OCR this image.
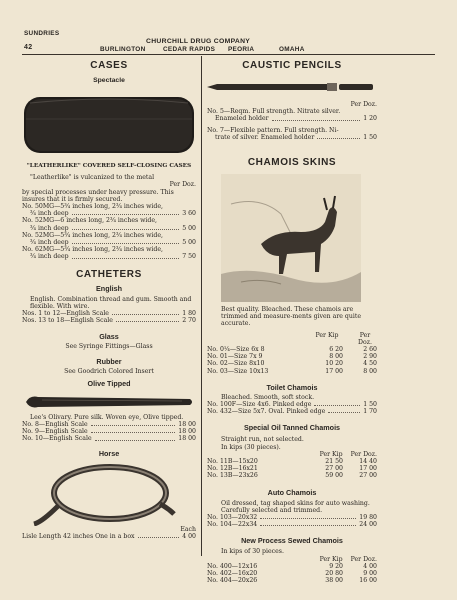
SUNDRIES
42
CHURCHILL DRUG COMPANY
BURLINGTON	CEDAR RAPIDS PEORIA	OMAHA
CASES
Spectacle
"LEATHERLIKE" COVERED SELF-CLOSING CASES
"Leatherlike" is vulcanized to the metal
Per Doz.
by special processes under heavy pressure. This insures that it is firmly secured.
No. 50MG—5¾ inches long, 2¾ inches wide,
¾ inch deep	3 60
No. 52MG—6 inches long, 2¾ inches wide,
¾ inch deep	5 00
No. 52MG—5¾ inches long, 2¾ inches wide,
¾ inch deep	5 00
No. 62MG—5¾ inches long, 2¾ inches wide,
¾ inch deep	7 50
CATHETERS
English
English. Combination thread and gum. Smooth and flexible. With wire.
Nos. 1 to 12—English Scale	1 80
Nos. 13 to 18—English Scale	2 70
Glass
See Syringe Fittings—Glass
Rubber
See Goodrich Colored Insert
Olive Tipped
Lee's Olivary. Pure silk. Woven eye, Olive tipped.
No. 8—English Scale	18 00
No. 9—English Scale	18 00
No. 10—English Scale	18 00
Horse
Each
Lisle Length 42 inches One in a box	4 00
CAUSTIC PENCILS
Per Doz.
No. 5—Reqm. Full strength. Nitrate silver.
Enameled holder	1 20
No. 7—Flexible pattern. Full strength. Ni-
trate of silver. Enameled holder	1 50
CHAMOIS SKINS
Best quality. Bleached. These chamois are trimmed and measure-ments given are quite accurate.
Per Kip	Per Doz.
No. 0¼—Size 6x 8	6 20	2 60
No. 01—Size 7x 9	8 00	2 90
No. 02—Size 8x10	10 20	4 50
No. 03—Size 10x13	17 00	8 00
Toilet Chamois
Bleached. Smooth, soft stock.
No. 100F—Size 4x6. Pinked edge	1 50
No. 432—Size 5x7. Oval. Pinked edge	1 70
Special Oil Tanned Chamois
Straight run, not selected.
In kips (30 pieces).
Per Kip Per Doz.
No. 11B—15x20	21 50	14 40
No. 12B—16x21	27 00	17 00
No. 13B—23x26	59 00	27 00
Auto Chamois
Oil dressed, tag shaped skins for auto washing. Carefully selected and trimmed.
No. 103—20x32	19 80
No. 104—22x34	24 00
New Process Sewed Chamois
In kips of 30 pieces.
Per Kip Per Doz.
No. 400—12x16	9 20	4 00
No. 402—16x20	20 80	9 00
No. 404—20x26	38 00	16 00
